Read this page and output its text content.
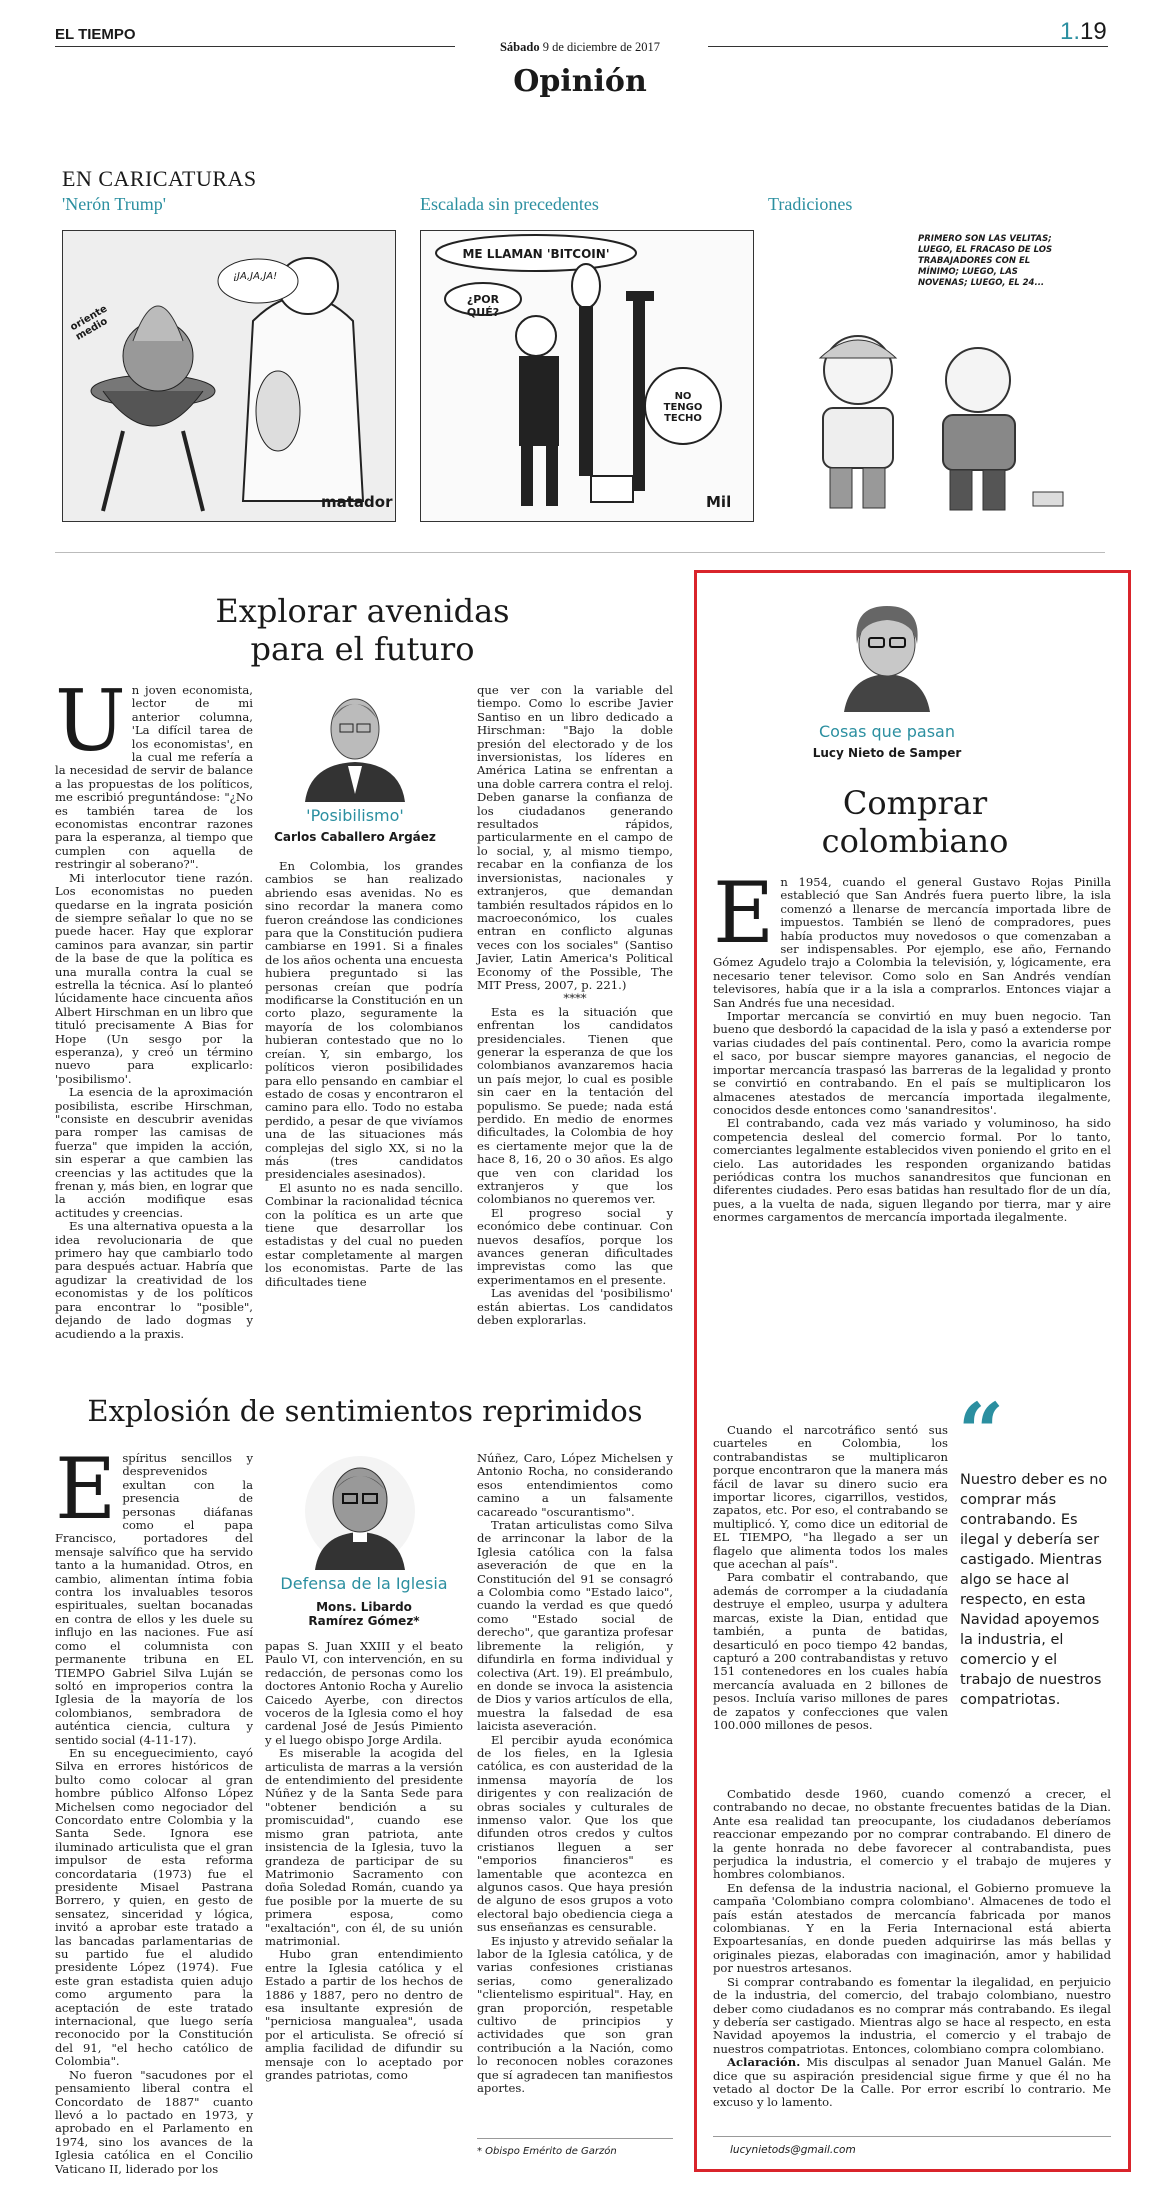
EL TIEMPO
Sábado 9 de diciembre de 2017
1.19
Opinión
EN CARICATURAS
'Nerón Trump'	Escalada sin precedentes	Tradiciones
¡JA,JA,JA!
oriente medio
matador
ME LLAMAN 'BITCOIN'
¿POR QUÉ?
NO TENGO TECHO
Mil
PRIMERO SON LAS VELITAS; LUEGO, EL FRACASO DE LOS TRABAJADORES CON EL MÍNIMO; LUEGO, LAS NOVENAS; LUEGO, EL 24...
Explorar avenidas
para el futuro
U n joven economista, lector de mi anterior columna, 'La difícil tarea de los economistas', en la cual me refería a la necesidad de servir de balance a las propuestas de los políticos, me escribió preguntándose: "¿No es también tarea de los economistas encontrar razones para la esperanza, al tiempo que cumplen con aquella de restringir al soberano?".

Mi interlocutor tiene razón. Los economistas no pueden quedarse en la ingrata posición de siempre señalar lo que no se puede hacer. Hay que explorar caminos para avanzar, sin partir de la base de que la política es una muralla contra la cual se estrella la técnica. Así lo planteó lúcidamente hace cincuenta años Albert Hirschman en un libro que tituló precisamente A Bias for Hope (Un sesgo por la esperanza), y creó un término nuevo para explicarlo: 'posibilismo'.

La esencia de la aproximación posibilista, escribe Hirschman, "consiste en descubrir avenidas para romper las camisas de fuerza" que impiden la acción, sin esperar a que cambien las creencias y las actitudes que la frenan y, más bien, en lograr que la acción modifique esas actitudes y creencias.

Es una alternativa opuesta a la idea revolucionaria de que primero hay que cambiarlo todo para después actuar. Habría que agudizar la creatividad de los economistas y de los políticos para encontrar lo "posible", dejando de lado dogmas y acudiendo a la praxis.

'Posibilismo'
Carlos Caballero Argáez

En Colombia, los grandes cambios se han realizado abriendo esas avenidas. No es sino recordar la manera como fueron creándose las condiciones para que la Constitución pudiera cambiarse en 1991. Si a finales de los años ochenta una encuesta hubiera preguntado si las personas creían que podría modificarse la Constitución en un corto plazo, seguramente la mayoría de los colombianos hubieran contestado que no lo creían. Y, sin embargo, los políticos vieron posibilidades para ello pensando en cambiar el estado de cosas y encontraron el camino para ello. Todo no estaba perdido, a pesar de que vivíamos una de las situaciones más complejas del siglo XX, si no la más (tres candidatos presidenciales asesinados).

El asunto no es nada sencillo. Combinar la racionalidad técnica con la política es un arte que tiene que desarrollar los estadistas y del cual no pueden estar completamente al margen los economistas. Parte de las dificultades tiene

que ver con la variable del tiempo. Como lo escribe Javier Santiso en un libro dedicado a Hirschman: "Bajo la doble presión del electorado y de los inversionistas, los líderes en América Latina se enfrentan a una doble carrera contra el reloj. Deben ganarse la confianza de los ciudadanos generando resultados rápidos, particularmente en el campo de lo social, y, al mismo tiempo, recabar en la confianza de los inversionistas, nacionales y extranjeros, que demandan también resultados rápidos en lo macroeconómico, los cuales entran en conflicto algunas veces con los sociales" (Santiso Javier, Latin America's Political Economy of the Possible, The MIT Press, 2007, p. 221.)

****

Esta es la situación que enfrentan los candidatos presidenciales. Tienen que generar la esperanza de que los colombianos avanzaremos hacia un país mejor, lo cual es posible sin caer en la tentación del populismo. Se puede; nada está perdido. En medio de enormes dificultades, la Colombia de hoy es ciertamente mejor que la de hace 8, 16, 20 o 30 años. Es algo que ven con claridad los extranjeros y que los colombianos no queremos ver.

El progreso social y económico debe continuar. Con nuevos desafíos, porque los avances generan dificultades imprevistas como las que experimentamos en el presente.

Las avenidas del 'posibilismo' están abiertas. Los candidatos deben explorarlas.

Explosión de sentimientos reprimidos
E spíritus sencillos y desprevenidos exultan con la presencia de personas diáfanas como el papa Francisco, portadores del mensaje salvífico que ha servido tanto a la humanidad. Otros, en cambio, alimentan íntima fobia contra los invaluables tesoros espirituales, sueltan bocanadas en contra de ellos y les duele su influjo en las naciones. Fue así como el columnista con permanente tribuna en EL TIEMPO Gabriel Silva Luján se soltó en improperios contra la Iglesia de la mayoría de los colombianos, sembradora de auténtica ciencia, cultura y sentido social (4-11-17).

En su enceguecimiento, cayó Silva en errores históricos de bulto como colocar al gran hombre público Alfonso López Michelsen como negociador del Concordato entre Colombia y la Santa Sede. Ignora ese iluminado articulista que el gran impulsor de esta reforma concordataria (1973) fue el presidente Misael Pastrana Borrero, y quien, en gesto de sensatez, sinceridad y lógica, invitó a aprobar este tratado a las bancadas parlamentarias de su partido fue el aludido presidente López (1974). Fue este gran estadista quien adujo como argumento para la aceptación de este tratado internacional, que luego sería reconocido por la Constitución del 91, "el hecho católico de Colombia".

No fueron "sacudones por el pensamiento liberal contra el Concordato de 1887" cuanto llevó a lo pactado en 1973, y aprobado en el Parlamento en 1974, sino los avances de la Iglesia católica en el Concilio Vaticano II, liderado por los

Defensa de la Iglesia
Mons. Libardo
Ramírez Gómez*

papas S. Juan XXIII y el beato Paulo VI, con intervención, en su redacción, de personas como los doctores Antonio Rocha y Aurelio Caicedo Ayerbe, con directos voceros de la Iglesia como el hoy cardenal José de Jesús Pimiento y el luego obispo Jorge Ardila.

Es miserable la acogida del articulista de marras a la versión de entendimiento del presidente Núñez y de la Santa Sede para "obtener bendición a su promiscuidad", cuando ese mismo gran patriota, ante insistencia de la Iglesia, tuvo la grandeza de participar de su Matrimonio Sacramento con doña Soledad Román, cuando ya fue posible por la muerte de su primera esposa, como "exaltación", con él, de su unión matrimonial.

Hubo gran entendimiento entre la Iglesia católica y el Estado a partir de los hechos de 1886 y 1887, pero no dentro de esa insultante expresión de "perniciosa mangualea", usada por el articulista. Se ofreció sí amplia facilidad de difundir su mensaje con lo aceptado por grandes patriotas, como

Núñez, Caro, López Michelsen y Antonio Rocha, no considerando esos entendimientos como camino a un falsamente cacareado "oscurantismo".

Tratan articulistas como Silva de arrinconar la labor de la Iglesia católica con la falsa aseveración de que en la Constitución del 91 se consagró a Colombia como "Estado laico", cuando la verdad es que quedó como "Estado social de derecho", que garantiza profesar libremente la religión, y difundirla en forma individual y colectiva (Art. 19). El preámbulo, en donde se invoca la asistencia de Dios y varios artículos de ella, muestra la falsedad de esa laicista aseveración.

El percibir ayuda económica de los fieles, en la Iglesia católica, es con austeridad de la inmensa mayoría de los dirigentes y con realización de obras sociales y culturales de inmenso valor. Que los que difunden otros credos y cultos cristianos lleguen a ser "emporios financieros" es lamentable que acontezca en algunos casos. Que haya presión de alguno de esos grupos a voto electoral bajo obediencia ciega a sus enseñanzas es censurable.

Es injusto y atrevido señalar la labor de la Iglesia católica, y de varias confesiones cristianas serias, como generalizado "clientelismo espiritual". Hay, en gran proporción, respetable cultivo de principios y actividades que son gran contribución a la Nación, como lo reconocen nobles corazones que sí agradecen tan manifiestos aportes.

* Obispo Emérito de Garzón
Cosas que pasan
Lucy Nieto de Samper
Comprar
colombiano
E n 1954, cuando el general Gustavo Rojas Pinilla estableció que San Andrés fuera puerto libre, la isla comenzó a llenarse de mercancía importada libre de impuestos. También se llenó de compradores, pues había productos muy novedosos o que comenzaban a ser indispensables. Por ejemplo, ese año, Fernando Gómez Agudelo trajo a Colombia la televisión, y, lógicamente, era necesario tener televisor. Como solo en San Andrés vendían televisores, había que ir a la isla a comprarlos. Entonces viajar a San Andrés fue una necesidad.

Importar mercancía se convirtió en muy buen negocio. Tan bueno que desbordó la capacidad de la isla y pasó a extenderse por varias ciudades del país continental. Pero, como la avaricia rompe el saco, por buscar siempre mayores ganancias, el negocio de importar mercancía traspasó las barreras de la legalidad y pronto se convirtió en contrabando. En el país se multiplicaron los almacenes atestados de mercancía importada ilegalmente, conocidos desde entonces como 'sanandresitos'.

El contrabando, cada vez más variado y voluminoso, ha sido competencia desleal del comercio formal. Por lo tanto, comerciantes legalmente establecidos viven poniendo el grito en el cielo. Las autoridades les responden organizando batidas periódicas contra los muchos sanandresitos que funcionan en diferentes ciudades. Pero esas batidas han resultado flor de un día, pues, a la vuelta de nada, siguen llegando por tierra, mar y aire enormes cargamentos de mercancía importada ilegalmente.

Cuando el narcotráfico sentó sus cuarteles en Colombia, los contrabandistas se multiplicaron porque encontraron que la manera más fácil de lavar su dinero sucio era importar licores, cigarrillos, vestidos, zapatos, etc. Por eso, el contrabando se multiplicó. Y, como dice un editorial de EL TIEMPO, "ha llegado a ser un flagelo que alimenta todos los males que acechan al país".

Para combatir el contrabando, que además de corromper a la ciudadanía destruye el empleo, usurpa y adultera marcas, existe la Dian, entidad que también, a punta de batidas, desarticuló en poco tiempo 42 bandas, capturó a 200 contrabandistas y retuvo 151 contenedores en los cuales había mercancía avaluada en 2 billones de pesos. Incluía variso millones de pares de zapatos y confecciones que valen 100.000 millones de pesos.

“
Nuestro deber es no comprar más contrabando. Es ilegal y debería ser castigado. Mientras algo se hace al respecto, en esta Navidad apoyemos la industria, el comercio y el trabajo de nuestros compatriotas.

Combatido desde 1960, cuando comenzó a crecer, el contrabando no decae, no obstante frecuentes batidas de la Dian. Ante esa realidad tan preocupante, los ciudadanos deberíamos reaccionar empezando por no comprar contrabando. El dinero de la gente honrada no debe favorecer al contrabandista, pues perjudica la industria, el comercio y el trabajo de mujeres y hombres colombianos.

En defensa de la industria nacional, el Gobierno promueve la campaña 'Colombiano compra colombiano'. Almacenes de todo el país están atestados de mercancía fabricada por manos colombianas. Y en la Feria Internacional está abierta Expoartesanías, en donde pueden adquirirse las más bellas y originales piezas, elaboradas con imaginación, amor y habilidad por nuestros artesanos.

Si comprar contrabando es fomentar la ilegalidad, en perjuicio de la industria, del comercio, del trabajo colombiano, nuestro deber como ciudadanos es no comprar más contrabando. Es ilegal y debería ser castigado. Mientras algo se hace al respecto, en esta Navidad apoyemos la industria, el comercio y el trabajo de nuestros compatriotas. Entonces, colombiano compra colombiano.

Aclaración. Mis disculpas al senador Juan Manuel Galán. Me dice que su aspiración presidencial sigue firme y que él no ha vetado al doctor De la Calle. Por error escribí lo contrario. Me excuso y lo lamento.

lucynietods@gmail.com
